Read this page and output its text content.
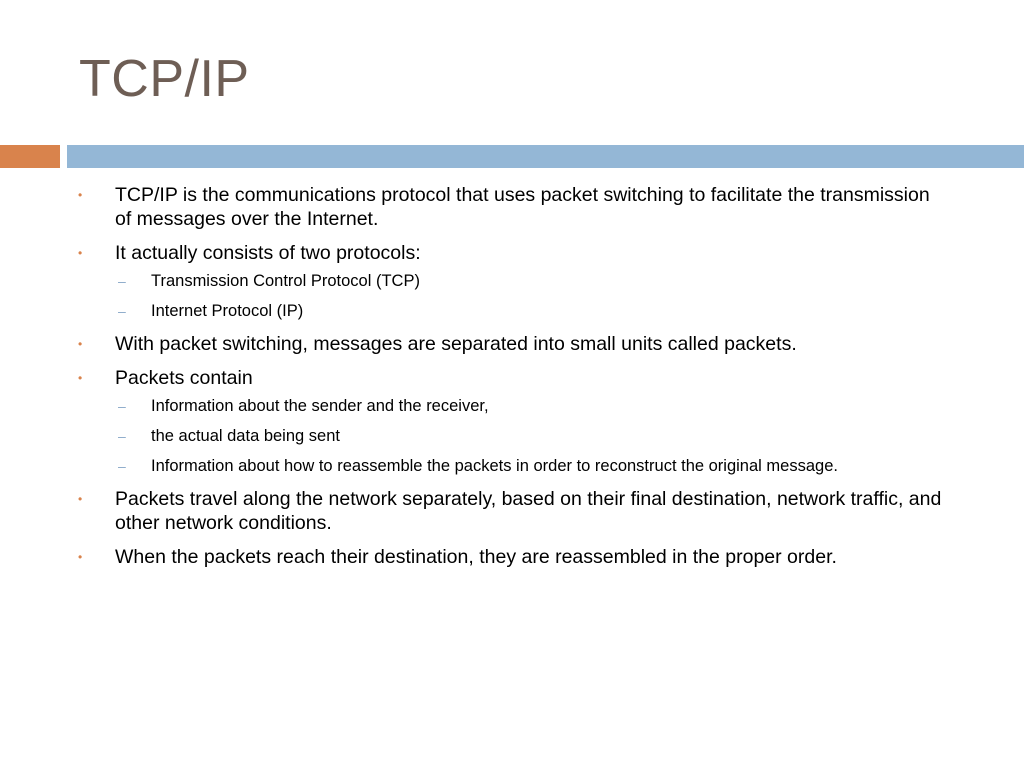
TCP/IP

•	TCP/IP is the communications protocol that uses packet switching to facilitate the transmission of messages over the Internet.

•	It actually consists of two protocols:

–	Transmission Control Protocol (TCP)

–	Internet Protocol (IP)

•	With packet switching, messages are separated into small units called packets.

•	Packets contain

–	Information about the sender and the receiver,

–	the actual data being sent

–	Information about how to reassemble the packets in order to reconstruct the original message.

•	Packets travel along the network separately, based on their final destination, network traffic, and other network conditions.

•	When the packets reach their destination, they are reassembled in the proper order.
